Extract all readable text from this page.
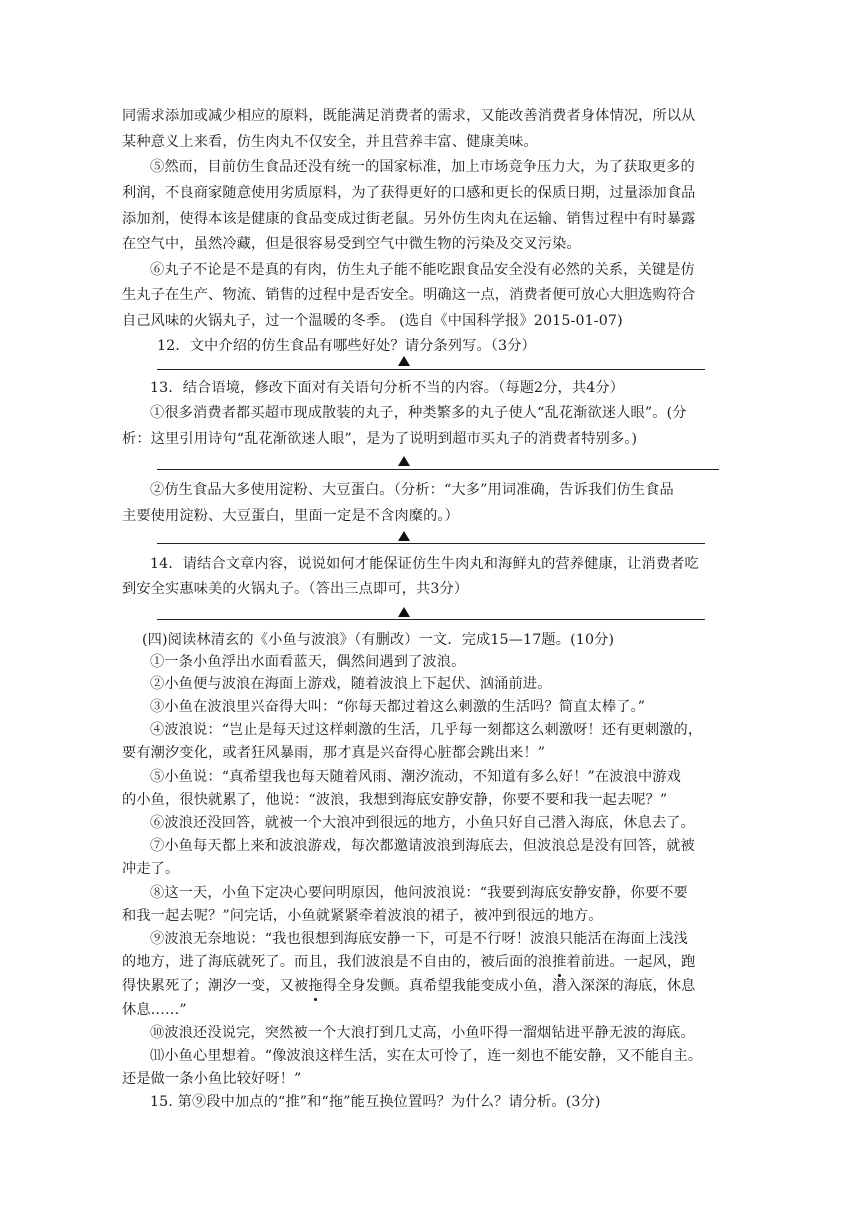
同需求添加或减少相应的原料，既能满足消费者的需求，又能改善消费者身体情况，所以从
某种意义上来看，仿生肉丸不仅安全，并且营养丰富、健康美味。
⑤然而，目前仿生食品还没有统一的国家标准，加上市场竞争压力大，为了获取更多的
利润，不良商家随意使用劣质原料，为了获得更好的口感和更长的保质日期，过量添加食品
添加剂，使得本该是健康的食品变成过街老鼠。另外仿生肉丸在运输、销售过程中有时暴露
在空气中，虽然冷藏，但是很容易受到空气中微生物的污染及交叉污染。
⑥丸子不论是不是真的有肉，仿生丸子能不能吃跟食品安全没有必然的关系，关键是仿
生丸子在生产、物流、销售的过程中是否安全。明确这一点，消费者便可放心大胆选购符合
自己风味的火锅丸子，过一个温暖的冬季。 (选自《中国科学报》2015-01-07)
12．文中介绍的仿生食品有哪些好处？请分条列写。（3分）
13．结合语境，修改下面对有关语句分析不当的内容。（每题2分，共4分）
①很多消费者都买超市现成散装的丸子，种类繁多的丸子使人“乱花渐欲迷人眼”。(分
析：这里引用诗句“乱花渐欲迷人眼”，是为了说明到超市买丸子的消费者特别多。)
②仿生食品大多使用淀粉、大豆蛋白。（分析：“大多”用词准确，告诉我们仿生食品
主要使用淀粉、大豆蛋白，里面一定是不含肉糜的。）
14．请结合文章内容，说说如何才能保证仿生牛肉丸和海鲜丸的营养健康，让消费者吃
到安全实惠味美的火锅丸子。（答出三点即可，共3分）
(四)阅读林清玄的《小鱼与波浪》（有删改）一文．完成15—17题。(10分)
①一条小鱼浮出水面看蓝天，偶然间遇到了波浪。
②小鱼便与波浪在海面上游戏，随着波浪上下起伏、汹涌前进。
③小鱼在波浪里兴奋得大叫：“你每天都过着这么刺激的生活吗？简直太棒了。”
④波浪说：“岂止是每天过这样刺激的生活，几乎每一刻都这么刺激呀！还有更刺激的，
要有潮汐变化，或者狂风暴雨，那才真是兴奋得心脏都会跳出来！”
⑤小鱼说：“真希望我也每天随着风雨、潮汐流动，不知道有多么好！”在波浪中游戏
的小鱼，很快就累了，他说：“波浪，我想到海底安静安静，你要不要和我一起去呢？”
⑥波浪还没回答，就被一个大浪冲到很远的地方，小鱼只好自己潜入海底，休息去了。
⑦小鱼每天都上来和波浪游戏，每次都邀请波浪到海底去，但波浪总是没有回答，就被
冲走了。
⑧这一天，小鱼下定决心要问明原因，他问波浪说：“我要到海底安静安静，你要不要
和我一起去呢？”问完话，小鱼就紧紧牵着波浪的裙子，被冲到很远的地方。
⑨波浪无奈地说：“我也很想到海底安静一下，可是不行呀！波浪只能活在海面上浅浅
的地方，进了海底就死了。而且，我们波浪是不自由的，被后面的浪推着前进。一起风，跑
得快累死了；潮汐一变，又被拖得全身发颤。真希望我能变成小鱼，潜入深深的海底，休息
休息……”
⑩波浪还没说完，突然被一个大浪打到几丈高，小鱼吓得一溜烟钻进平静无波的海底。
⑾小鱼心里想着。“像波浪这样生活，实在太可怜了，连一刻也不能安静，又不能自主。
还是做一条小鱼比较好呀！”
15. 第⑨段中加点的“推”和“拖”能互换位置吗？为什么？请分析。(3分)
